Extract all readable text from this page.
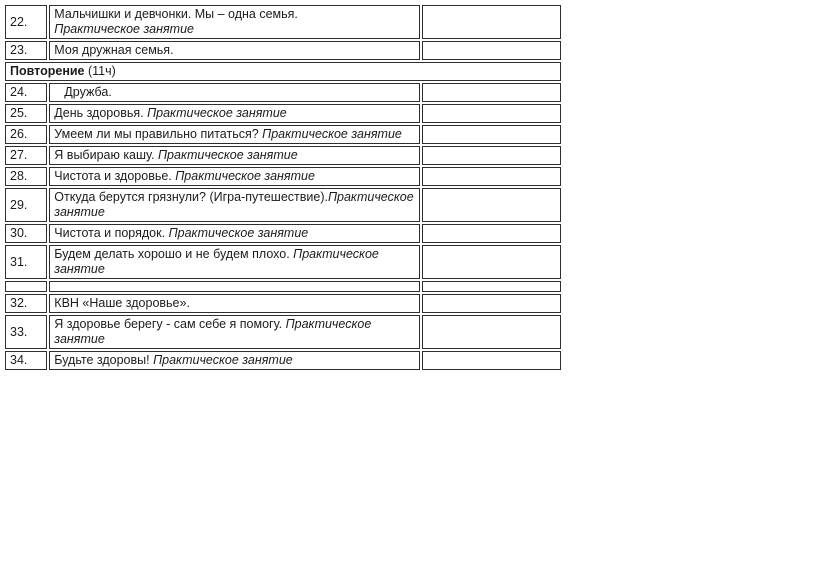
22.	Мальчишки и девчонки. Мы – одна семья.
Практическое занятие	
23.	Моя дружная семья.	
Повторение (11ч)		
24.	Дружба.	
25.	День здоровья. Практическое занятие	
26.	Умеем ли мы правильно питаться? Практическое занятие	
27.	Я выбираю кашу. Практическое занятие	
28.	Чистота и здоровье. Практическое занятие	
29.	Откуда берутся грязнули? (Игра-путешествие).Практическое занятие	
30.	Чистота и порядок. Практическое занятие	
31.	Будем делать хорошо и не будем плохо. Практическое занятие	

32.	КВН «Наше здоровье».	
33.	Я здоровье берегу - сам себе я помогу. Практическое занятие	
34.	Будьте здоровы! Практическое занятие	
